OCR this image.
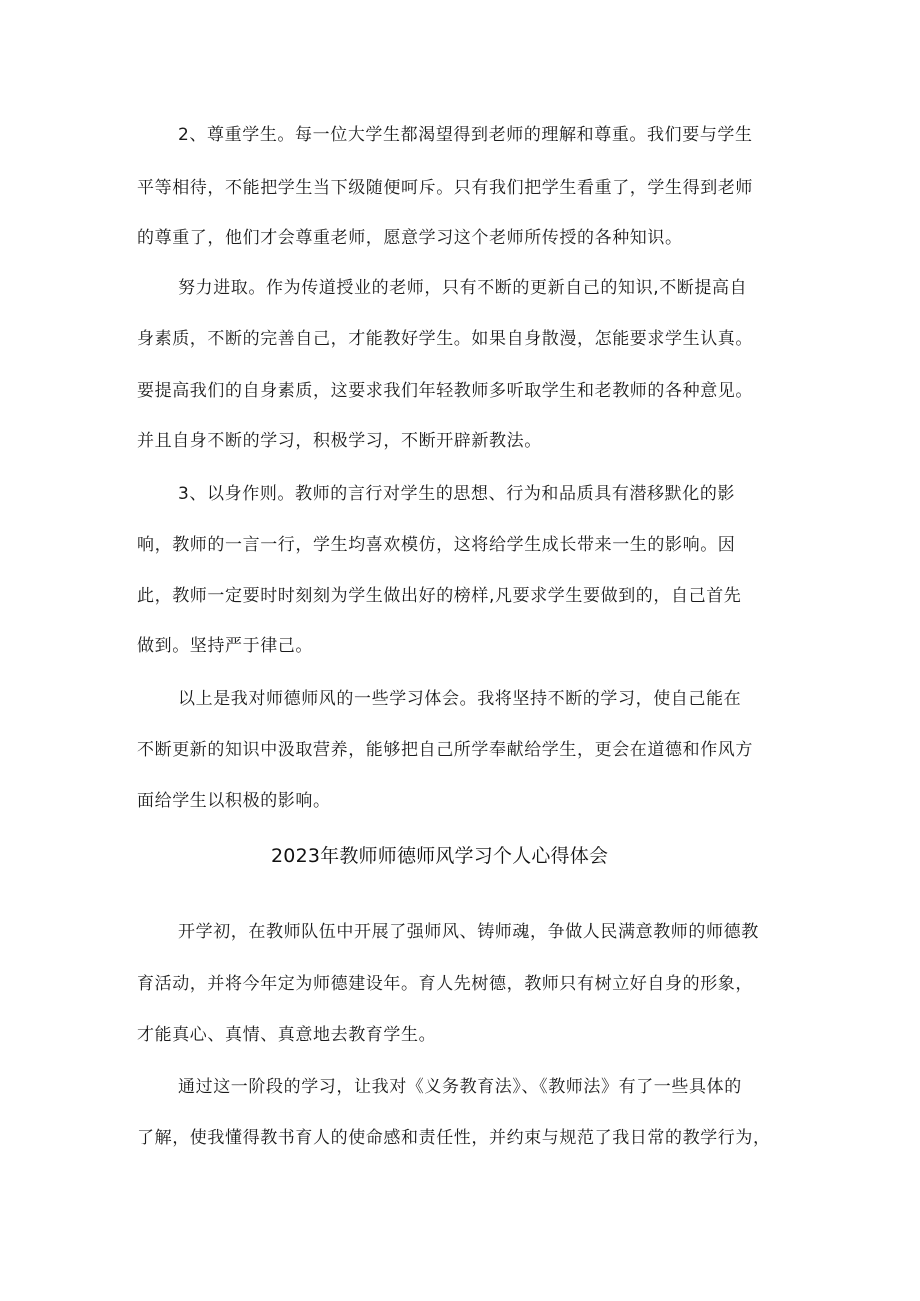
2、尊重学生。每一位大学生都渴望得到老师的理解和尊重。我们要与学生
平等相待，不能把学生当下级随便呵斥。只有我们把学生看重了，学生得到老师
的尊重了，他们才会尊重老师，愿意学习这个老师所传授的各种知识。
努力进取。作为传道授业的老师，只有不断的更新自己的知识,不断提高自
身素质，不断的完善自己，才能教好学生。如果自身散漫，怎能要求学生认真。
要提高我们的自身素质，这要求我们年轻教师多听取学生和老教师的各种意见。
并且自身不断的学习，积极学习，不断开辟新教法。
3、以身作则。教师的言行对学生的思想、行为和品质具有潜移默化的影
响，教师的一言一行，学生均喜欢模仿，这将给学生成长带来一生的影响。因
此，教师一定要时时刻刻为学生做出好的榜样,凡要求学生要做到的，自己首先
做到。坚持严于律己。
以上是我对师德师风的一些学习体会。我将坚持不断的学习，使自己能在
不断更新的知识中汲取营养，能够把自己所学奉献给学生，更会在道德和作风方
面给学生以积极的影响。
2023年教师师德师风学习个人心得体会
开学初，在教师队伍中开展了强师风、铸师魂，争做人民满意教师的师德教
育活动，并将今年定为师德建设年。育人先树德，教师只有树立好自身的形象，
才能真心、真情、真意地去教育学生。
通过这一阶段的学习，让我对《义务教育法》、《教师法》有了一些具体的
了解，使我懂得教书育人的使命感和责任性，并约束与规范了我日常的教学行为，
